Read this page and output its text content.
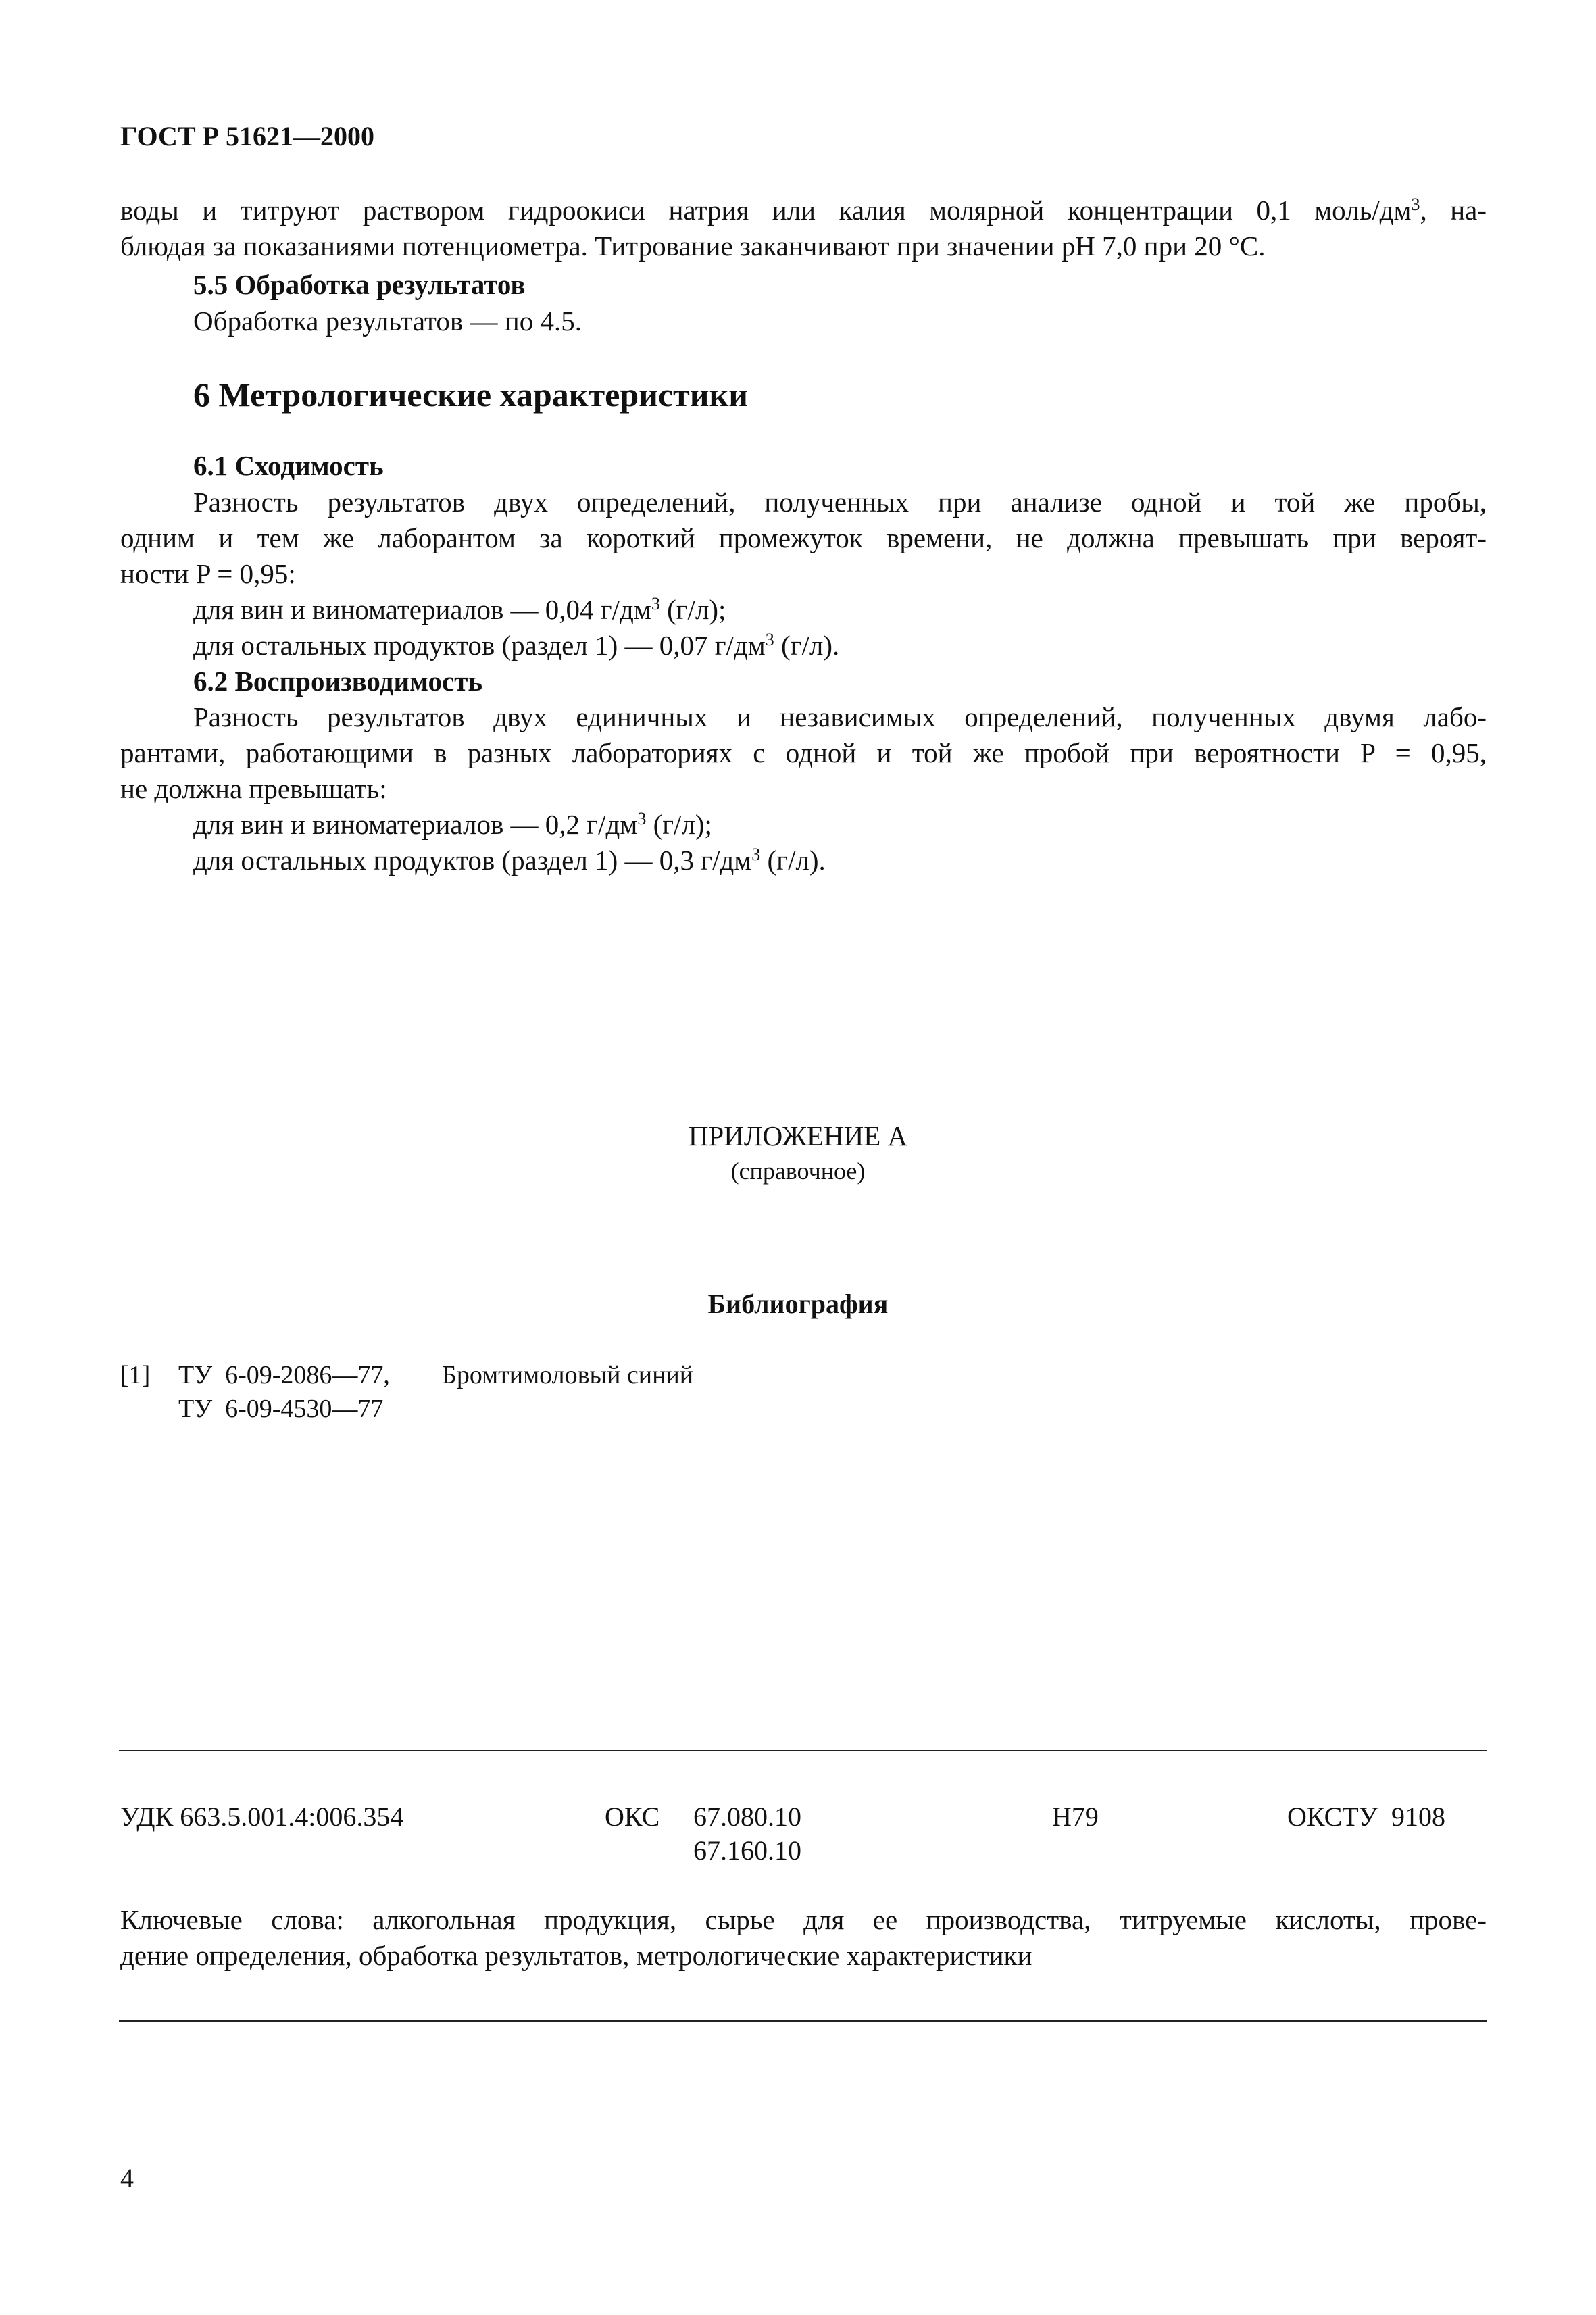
ГОСТ Р 51621—2000
воды и титруют раствором гидроокиси натрия или калия молярной концентрации 0,1 моль/$дм^3$, на-
блюдая за показаниями потенциометра. Титрование заканчивают при значении pH 7,0 при 20 °C.
5.5 Обработка результатов
Обработка результатов — по 4.5.
6 Метрологические характеристики
6.1 Сходимость
Разность результатов двух определений, полученных при анализе одной и той же пробы,
одним и тем же лаборантом за короткий промежуток времени, не должна превышать при вероят-
ности P = 0,95:
для вин и виноматериалов — 0,04 $г/дм^3$ (г/л);
для остальных продуктов (раздел 1) — 0,07 $г/дм^3$ (г/л).
6.2 Воспроизводимость
Разность результатов двух единичных и независимых определений, полученных двумя лабо-
рантами, работающими в разных лабораториях с одной и той же пробой при вероятности P = 0,95,
не должна превышать:
для вин и виноматериалов — 0,2 $г/дм^3$ (г/л);
для остальных продуктов (раздел 1) — 0,3 $г/дм^3$ (г/л).
ПРИЛОЖЕНИЕ А
(справочное)
Библиография
[1] ТУ  6-09-2086—77, Бромтимоловый синий
ТУ  6-09-4530—77
УДК 663.5.001.4:006.354	ОКС 67.080.10
67.160.10
Н79	ОКСТУ  9108
Ключевые слова: алкогольная продукция, сырье для ее производства, титруемые кислоты, прове-
дение определения, обработка результатов, метрологические характеристики
4
